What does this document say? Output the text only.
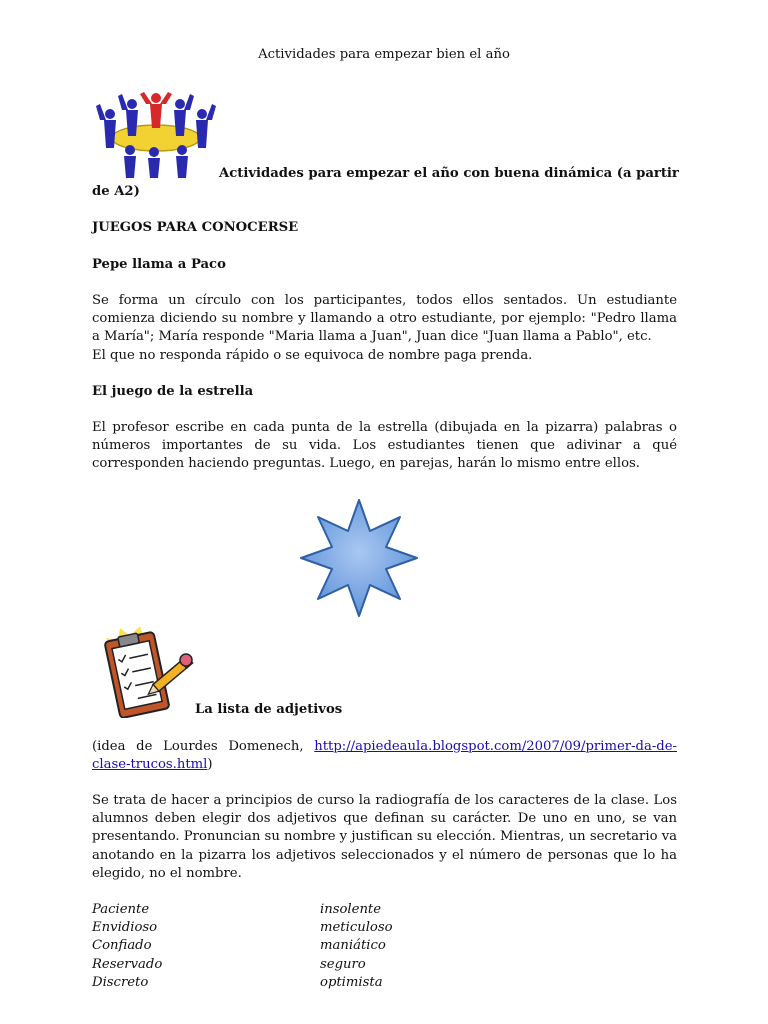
Actividades para empezar bien el año
Actividades para empezar el año con buena dinámica (a partir
de A2)
JUEGOS PARA CONOCERSE
Pepe llama a Paco

Se forma un círculo con los participantes, todos ellos sentados. Un estudiante comienza diciendo su nombre y llamando a otro estudiante, por ejemplo: "Pedro llama a María"; María responde "Maria llama a Juan", Juan dice "Juan llama a Pablo", etc.

El que no responda rápido o se equivoca de nombre paga prenda.

El juego de la estrella

El profesor escribe en cada punta de la estrella (dibujada en la pizarra) palabras o números importantes de su vida. Los estudiantes tienen que adivinar a qué corresponden haciendo preguntas. Luego, en parejas, harán lo mismo entre ellos.

La lista de adjetivos
(idea de Lourdes Domenech, http://apiedeaula.blogspot.com/2007/09/primer-da-de-clase-trucos.html)

Se trata de hacer a principios de curso la radiografía de los caracteres de la clase. Los alumnos deben elegir dos adjetivos que definan su carácter. De uno en uno, se van presentando. Pronuncian su nombre y justifican su elección. Mientras, un secretario va anotando en la pizarra los adjetivos seleccionados y el número de personas que lo ha elegido, no el nombre.

Paciente
Envidioso
Confiado
Reservado
Discreto
insolente
meticuloso
maniático
seguro
optimista
